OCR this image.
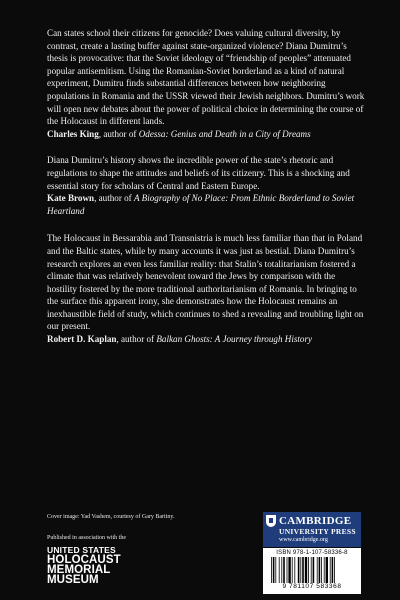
Can states school their citizens for genocide? Does valuing cultural diversity, by contrast, create a lasting buffer against state-organized violence? Diana Dumitru’s thesis is provocative: that the Soviet ideology of “friendship of peoples” attenuated popular antisemitism. Using the Romanian-Soviet borderland as a kind of natural experiment, Dumitru finds substantial differences between how neighboring populations in Romania and the USSR viewed their Jewish neighbors. Dumitru’s work will open new debates about the power of political choice in determining the course of the Holocaust in different lands.

Charles King, author of Odessa: Genius and Death in a City of Dreams

Diana Dumitru’s history shows the incredible power of the state’s rhetoric and regulations to shape the attitudes and beliefs of its citizenry. This is a shocking and essential story for scholars of Central and Eastern Europe.

Kate Brown, author of A Biography of No Place: From Ethnic Borderland to Soviet Heartland

The Holocaust in Bessarabia and Transnistria is much less familiar than that in Poland and the Baltic states, while by many accounts it was just as bestial. Diana Dumitru’s research explores an even less familiar reality: that Stalin’s totalitarianism fostered a climate that was relatively benevolent toward the Jews by comparison with the hostility fostered by the more traditional authoritarianism of Romania. In bringing to the surface this apparent irony, she demonstrates how the Holocaust remains an inexhaustible field of study, which continues to shed a revealing and troubling light on our present.

Robert D. Kaplan, author of Balkan Ghosts: A Journey through History
Cover image: Yad Vashem, courtesy of Gary Bartiny.
Published in association with the
UNITED STATES
HOLOCAUST
MEMORIAL
MUSEUM
CAMBRIDGE
UNIVERSITY PRESS
www.cambridge.org
ISBN 978-1-107-58336-8
9 781107 583368
